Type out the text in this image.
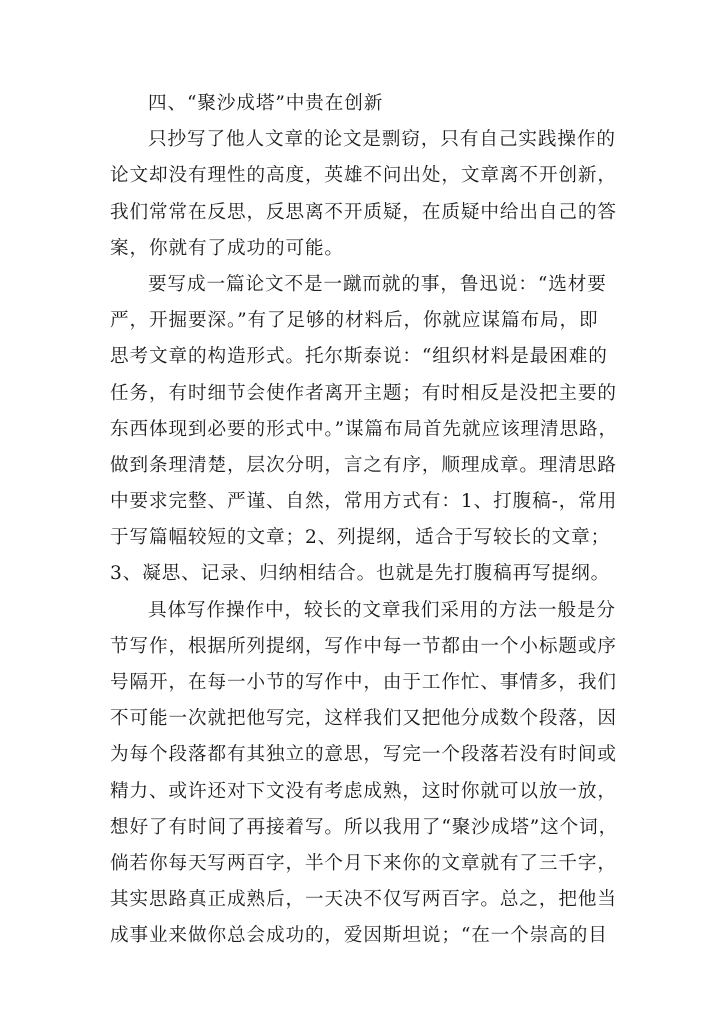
四、“聚沙成塔”中贵在创新
只抄写了他人文章的论文是剽窃，只有自己实践操作的
论文却没有理性的高度，英雄不问出处，文章离不开创新，
我们常常在反思，反思离不开质疑，在质疑中给出自己的答
案，你就有了成功的可能。
要写成一篇论文不是一蹴而就的事，鲁迅说：“选材要
严，开掘要深。”有了足够的材料后，你就应谋篇布局，即
思考文章的构造形式。托尔斯泰说：“组织材料是最困难的
任务，有时细节会使作者离开主题；有时相反是没把主要的
东西体现到必要的形式中。”谋篇布局首先就应该理清思路，
做到条理清楚，层次分明，言之有序，顺理成章。理清思路
中要求完整、严谨、自然，常用方式有：1、打腹稿-，常用
于写篇幅较短的文章；2、列提纲，适合于写较长的文章；
3、凝思、记录、归纳相结合。也就是先打腹稿再写提纲。
具体写作操作中，较长的文章我们采用的方法一般是分
节写作，根据所列提纲，写作中每一节都由一个小标题或序
号隔开，在每一小节的写作中，由于工作忙、事情多，我们
不可能一次就把他写完，这样我们又把他分成数个段落，因
为每个段落都有其独立的意思，写完一个段落若没有时间或
精力、或许还对下文没有考虑成熟，这时你就可以放一放，
想好了有时间了再接着写。所以我用了“聚沙成塔”这个词，
倘若你每天写两百字，半个月下来你的文章就有了三千字，
其实思路真正成熟后，一天决不仅写两百字。总之，把他当
成事业来做你总会成功的，爱因斯坦说；“在一个崇高的目
